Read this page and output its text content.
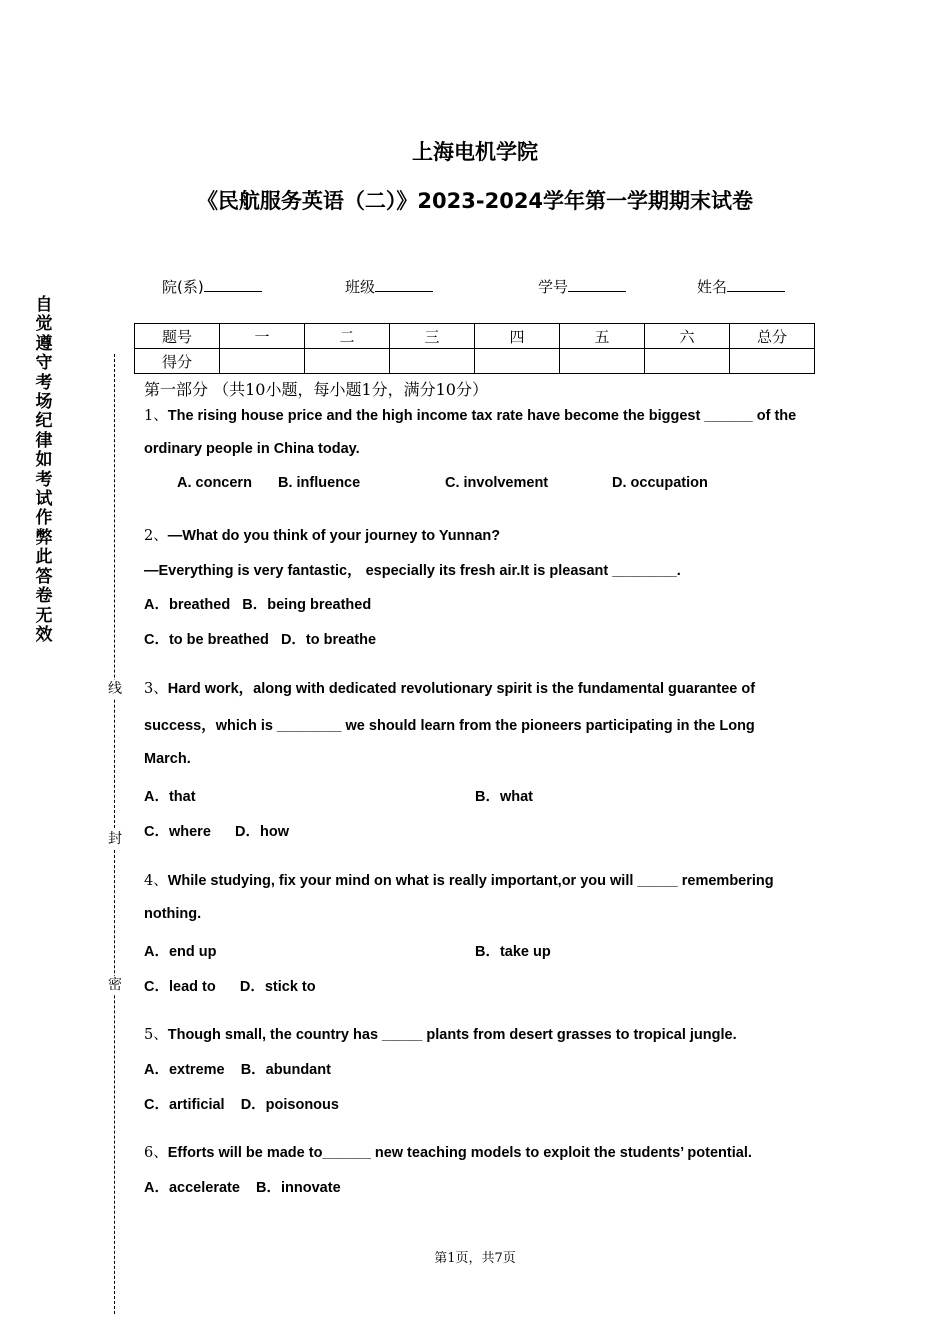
上海电机学院
《民航服务英语（二）》2023-2024学年第一学期期末试卷
院(系)	班级	学号	姓名
题号	一	二	三	四	五	六	总分
得分							
自
觉
遵
守
考
场
纪
律
如
考
试
作
弊
此
答
卷
无
效
线
封
密
第一部分 （共10小题，每小题1分，满分10分）
1、The rising house price and the high income tax rate have become the biggest ______ of the
ordinary people in China today.
A. concern B. influence	C. involvement	D. occupation
2、—What do you think of your journey to Yunnan?
—Everything is very fantastic， especially its fresh air.It is pleasant ________.
A．breathed   B．being breathed
C．to be breathed   D．to breathe
3、Hard work，along with dedicated revolutionary spirit is the fundamental guarantee of
success，which is ________ we should learn from the pioneers participating in the Long
March.
A．that	B．what
C．where      D．how
4、While studying, fix your mind on what is really important,or you will _____ remembering
nothing.
A．end up	B．take up
C．lead to      D．stick to
5、Though small, the country has _____ plants from desert grasses to tropical jungle.
A．extreme    B．abundant
C．artificial    D．poisonous
6、Efforts will be made to______ new teaching models to exploit the students’ potential.
A．accelerate    B．innovate
第1页，共7页
